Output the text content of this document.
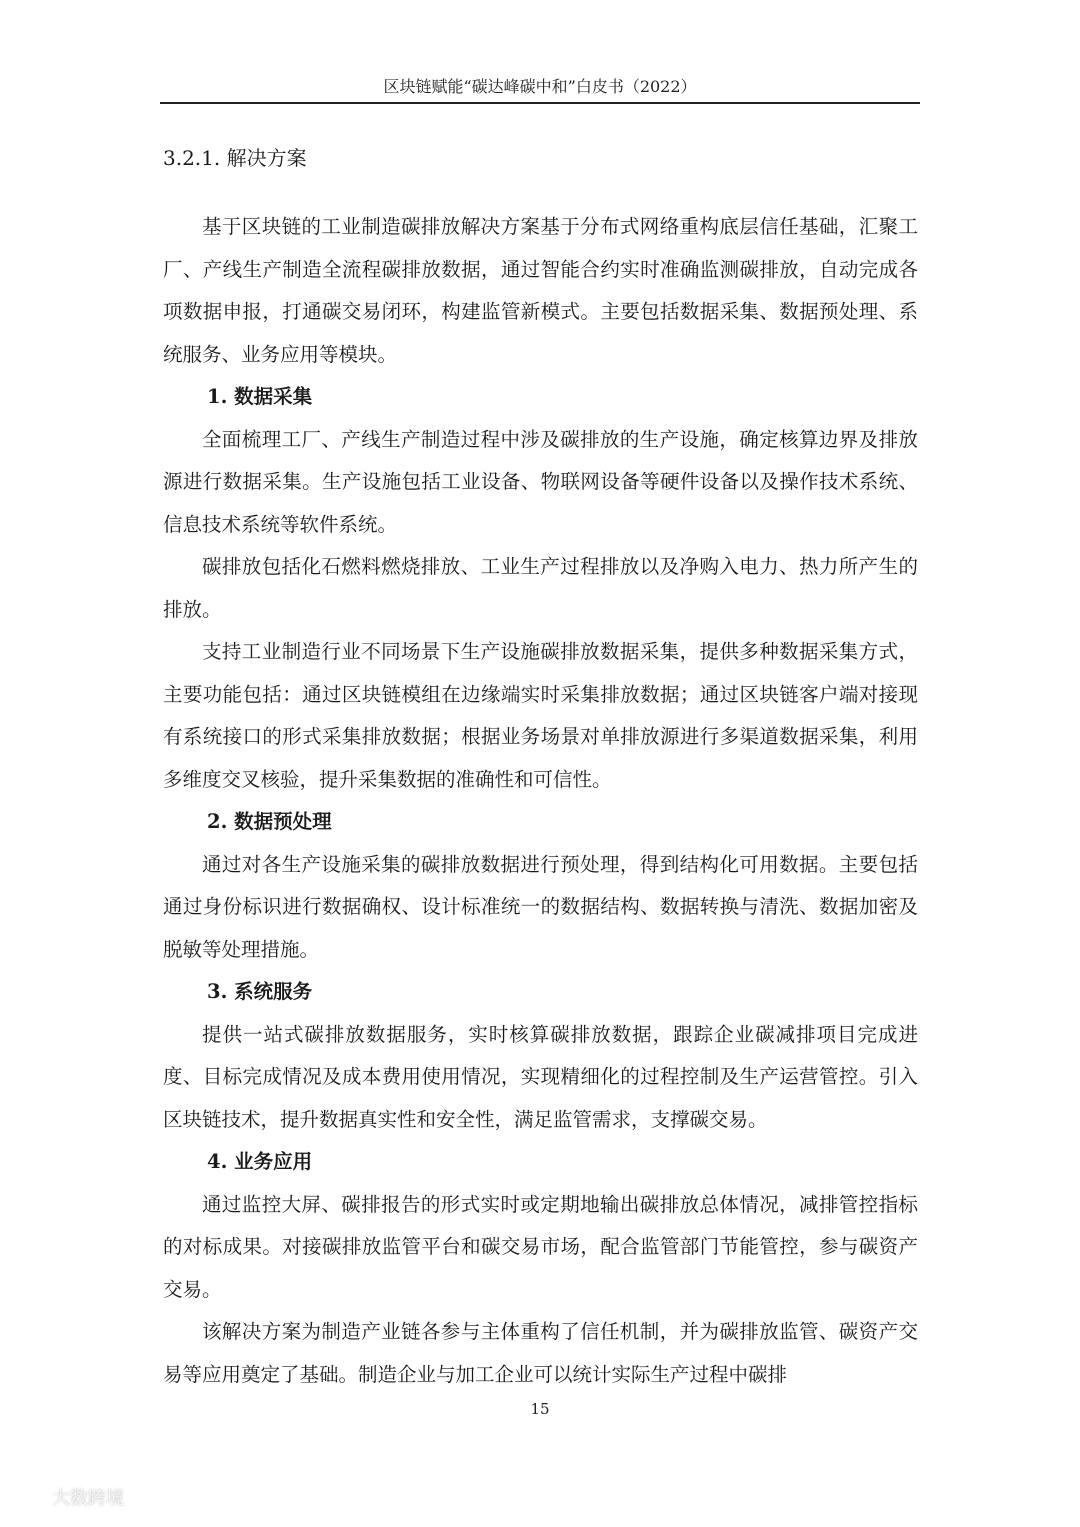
区块链赋能“碳达峰碳中和”白皮书（2022）
3.2.1. 解决方案

基于区块链的工业制造碳排放解决方案基于分布式网络重构底层信任基础，汇聚工厂、产线生产制造全流程碳排放数据，通过智能合约实时准确监测碳排放，自动完成各项数据申报，打通碳交易闭环，构建监管新模式。主要包括数据采集、数据预处理、系统服务、业务应用等模块。

1. 数据采集

全面梳理工厂、产线生产制造过程中涉及碳排放的生产设施，确定核算边界及排放源进行数据采集。生产设施包括工业设备、物联网设备等硬件设备以及操作技术系统、信息技术系统等软件系统。

碳排放包括化石燃料燃烧排放、工业生产过程排放以及净购入电力、热力所产生的排放。

支持工业制造行业不同场景下生产设施碳排放数据采集，提供多种数据采集方式，主要功能包括：通过区块链模组在边缘端实时采集排放数据；通过区块链客户端对接现有系统接口的形式采集排放数据；根据业务场景对单排放源进行多渠道数据采集，利用多维度交叉核验，提升采集数据的准确性和可信性。

2. 数据预处理

通过对各生产设施采集的碳排放数据进行预处理，得到结构化可用数据。主要包括通过身份标识进行数据确权、设计标准统一的数据结构、数据转换与清洗、数据加密及脱敏等处理措施。

3. 系统服务

提供一站式碳排放数据服务，实时核算碳排放数据，跟踪企业碳减排项目完成进度、目标完成情况及成本费用使用情况，实现精细化的过程控制及生产运营管控。引入区块链技术，提升数据真实性和安全性，满足监管需求，支撑碳交易。

4. 业务应用

通过监控大屏、碳排报告的形式实时或定期地输出碳排放总体情况，减排管控指标的对标成果。对接碳排放监管平台和碳交易市场，配合监管部门节能管控，参与碳资产交易。

该解决方案为制造产业链各参与主体重构了信任机制，并为碳排放监管、碳资产交易等应用奠定了基础。制造企业与加工企业可以统计实际生产过程中碳排

15
大数跨境
